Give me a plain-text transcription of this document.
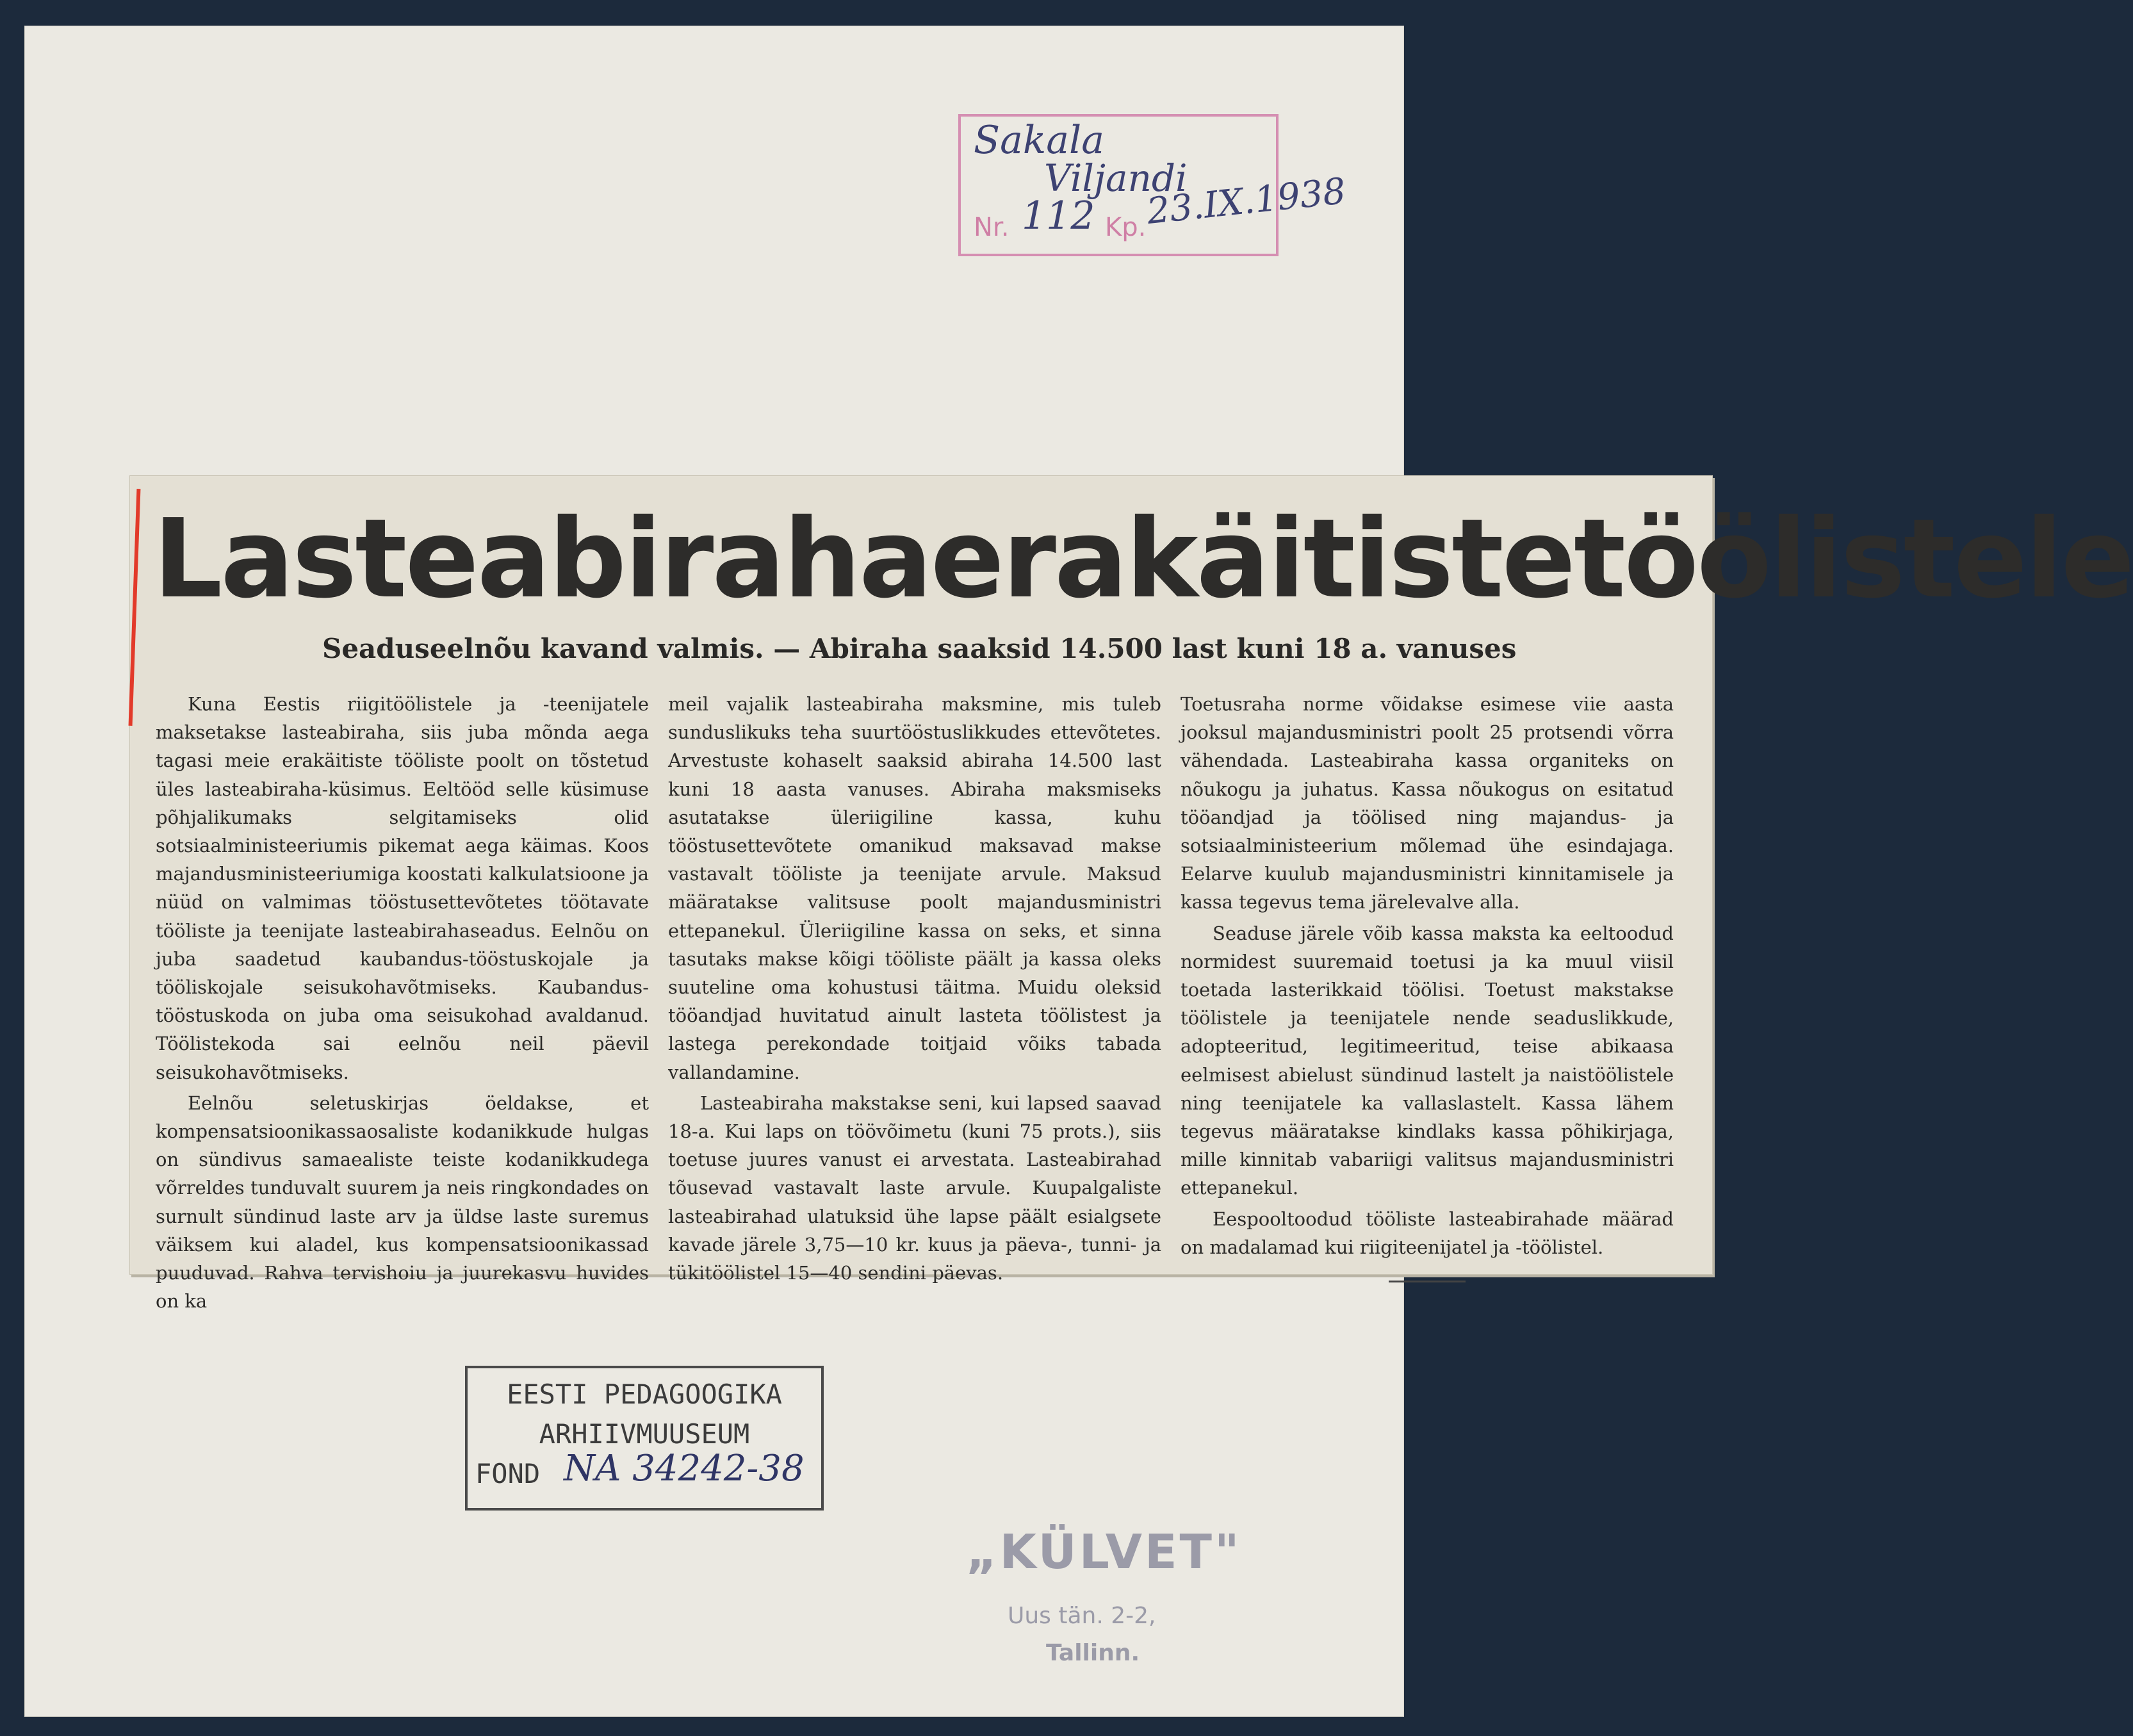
Sakala
Viljandi
Nr. 112 Kp.
23.IX.1938
EESTI PEDAGOOGIKA
ARHIIVMUUSEUM
FOND NA 34242-38
„KÜLVET"
Uus tän. 2-2,
Tallinn.
Lasteabiraha erakäitiste töölistele
Seaduseelnõu kavand valmis. — Abiraha saaksid 14.500 last kuni 18 a. vanuses

Kuna Eestis riigitöölistele ja -teenijatele maksetakse lasteabiraha, siis juba mõnda aega tagasi meie erakäitiste tööliste poolt on tõstetud üles lasteabiraha-küsimus. Eeltööd selle küsimuse põhjalikumaks selgitamiseks olid sotsiaalministeeriumis pikemat aega käimas. Koos majandusministeeriumiga koostati kalkulatsioone ja nüüd on valmimas tööstusettevõtetes töötavate tööliste ja teenijate lasteabirahaseadus. Eelnõu on juba saadetud kaubandus-tööstuskojale ja tööliskojale seisukohavõtmiseks. Kaubandus-tööstuskoda on juba oma seisukohad avaldanud. Töölistekoda sai eelnõu neil päevil seisukohavõtmiseks.

Eelnõu seletuskirjas öeldakse, et kompensatsioonikassaosaliste kodanikkude hulgas on sündivus samaealiste teiste kodanikkudega võrreldes tunduvalt suurem ja neis ringkondades on surnult sündinud laste arv ja üldse laste suremus väiksem kui aladel, kus kompensatsioonikassad puuduvad. Rahva tervishoiu ja juurekasvu huvides on ka

meil vajalik lasteabiraha maksmine, mis tuleb sunduslikuks teha suurtööstuslikkudes ettevõtetes. Arvestuste kohaselt saaksid abiraha 14.500 last kuni 18 aasta vanuses. Abiraha maksmiseks asutatakse üleriigiline kassa, kuhu tööstusettevõtete omanikud maksavad makse vastavalt tööliste ja teenijate arvule. Maksud määratakse valitsuse poolt majandusministri ettepanekul. Üleriigiline kassa on seks, et sinna tasutaks makse kõigi tööliste päält ja kassa oleks suuteline oma kohustusi täitma. Muidu oleksid tööandjad huvitatud ainult lasteta töölistest ja lastega perekondade toitjaid võiks tabada vallandamine.

Lasteabiraha makstakse seni, kui lapsed saavad 18-a. Kui laps on töövõimetu (kuni 75 prots.), siis toetuse juures vanust ei arvestata. Lasteabirahad tõusevad vastavalt laste arvule. Kuupalgaliste lasteabirahad ulatuksid ühe lapse päält esialgsete kavade järele 3,75—10 kr. kuus ja päeva-, tunni- ja tükitöölistel 15—40 sendini päevas.

Toetusraha norme võidakse esimese viie aasta jooksul majandusministri poolt 25 protsendi võrra vähendada. Lasteabiraha kassa organiteks on nõukogu ja juhatus. Kassa nõukogus on esitatud tööandjad ja töölised ning majandus- ja sotsiaalministeerium mõlemad ühe esindajaga. Eelarve kuulub majandusministri kinnitamisele ja kassa tegevus tema järelevalve alla.

Seaduse järele võib kassa maksta ka eeltoodud normidest suuremaid toetusi ja ka muul viisil toetada lasterikkaid töölisi. Toetust makstakse töölistele ja teenijatele nende seaduslikkude, adopteeritud, legitimeeritud, teise abikaasa eelmisest abielust sündinud lastelt ja naistöölistele ning teenijatele ka vallaslastelt. Kassa lähem tegevus määratakse kindlaks kassa põhikirjaga, mille kinnitab vabariigi valitsus majandusministri ettepanekul.

Eespooltoodud tööliste lasteabirahade määrad on madalamad kui riigiteenijatel ja -töölistel.
